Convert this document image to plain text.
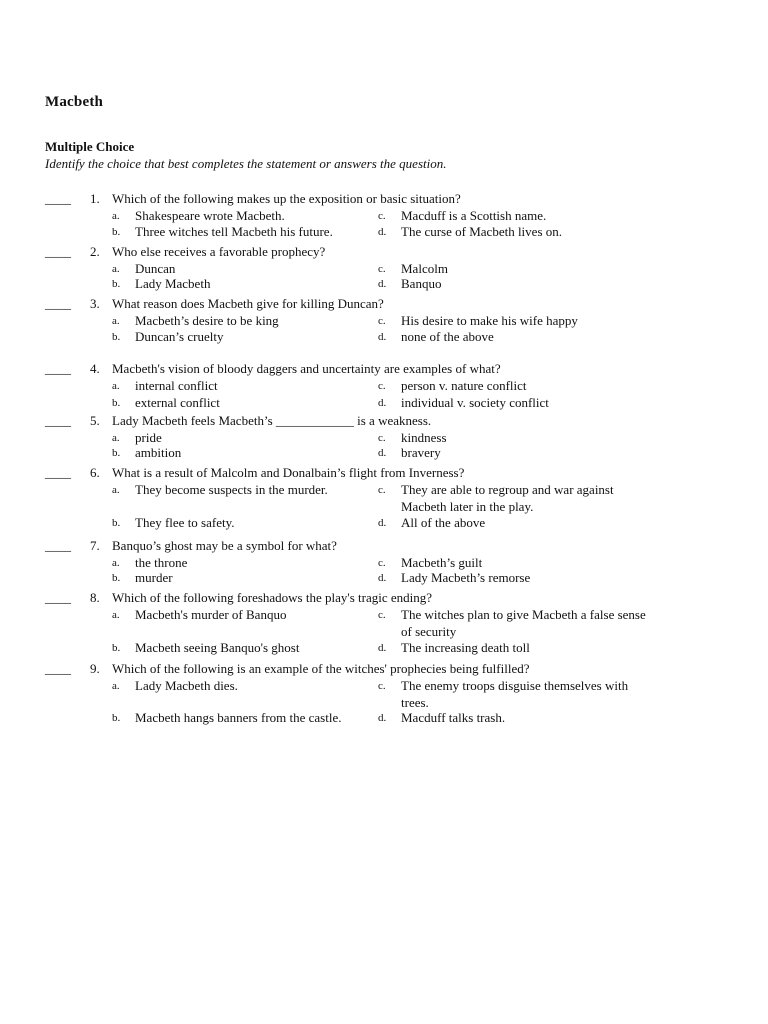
Macbeth
Multiple Choice
Identify the choice that best completes the statement or answers the question.
____ 1. Which of the following makes up the exposition or basic situation?
a. Shakespeare wrote Macbeth.
b. Three witches tell Macbeth his future.
c. Macduff is a Scottish name.
d. The curse of Macbeth lives on.
____ 2. Who else receives a favorable prophecy?
a. Duncan
b. Lady Macbeth
c. Malcolm
d. Banquo
____ 3. What reason does Macbeth give for killing Duncan?
a. Macbeth’s desire to be king
b. Duncan’s cruelty
c. His desire to make his wife happy
d. none of the above
____ 4. Macbeth's vision of bloody daggers and uncertainty are examples of what?
a. internal conflict
b. external conflict
c. person v. nature conflict
d. individual v. society conflict
____ 5. Lady Macbeth feels Macbeth’s ____________ is a weakness.
a. pride
b. ambition
c. kindness
d. bravery
____ 6. What is a result of Malcolm and Donalbain’s flight from Inverness?
a. They become suspects in the murder.
b. They flee to safety.
c. They are able to regroup and war against Macbeth later in the play.
d. All of the above
____ 7. Banquo’s ghost may be a symbol for what?
a. the throne
b. murder
c. Macbeth’s guilt
d. Lady Macbeth’s remorse
____ 8. Which of the following foreshadows the play's tragic ending?
a. Macbeth's murder of Banquo
b. Macbeth seeing Banquo's ghost
c. The witches plan to give Macbeth a false sense of security
d. The increasing death toll
____ 9. Which of the following is an example of the witches' prophecies being fulfilled?
a. Lady Macbeth dies.
b. Macbeth hangs banners from the castle.
c. The enemy troops disguise themselves with trees.
d. Macduff talks trash.
